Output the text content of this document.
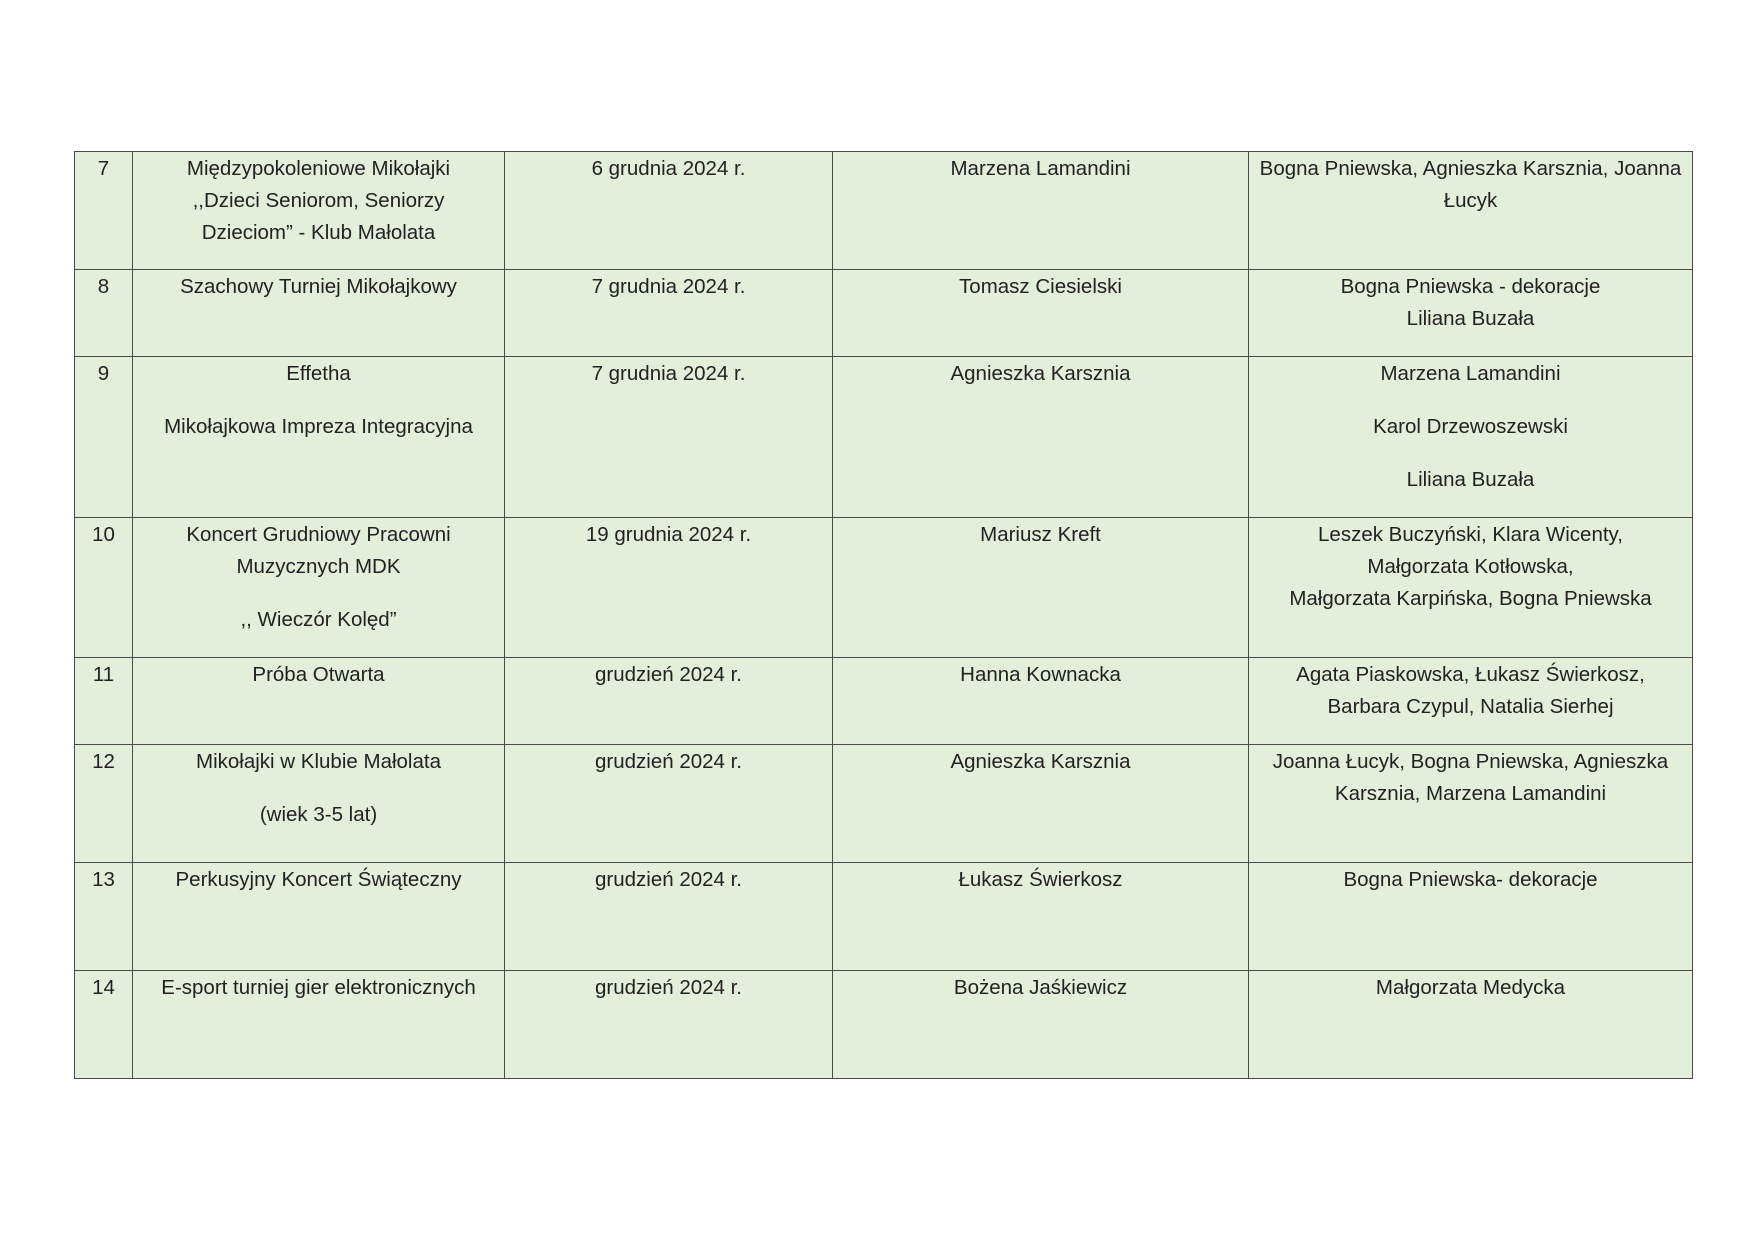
7	Międzypokoleniowe Mikołajki
,,Dzieci Seniorom, Seniorzy
Dzieciom” - Klub Małolata	6 grudnia 2024 r.	Marzena Lamandini	Bogna Pniewska, Agnieszka Karsznia, Joanna
Łucyk

8	Szachowy Turniej Mikołajkowy	7 grudnia 2024 r.	Tomasz Ciesielski	Bogna Pniewska - dekoracje
Liliana Buzała

9	Effetha
Mikołajkowa Impreza Integracyjna	7 grudnia 2024 r.	Agnieszka Karsznia	Marzena Lamandini
Karol Drzewoszewski
Liliana Buzała

10	Koncert Grudniowy Pracowni
Muzycznych MDK
,, Wieczór Kolęd”	19 grudnia 2024 r.	Mariusz Kreft	Leszek Buczyński, Klara Wicenty,
Małgorzata Kotłowska,
Małgorzata Karpińska, Bogna Pniewska

11	Próba Otwarta	grudzień 2024 r.	Hanna Kownacka	Agata Piaskowska, Łukasz Świerkosz,
Barbara Czypul, Natalia Sierhej

12	Mikołajki w Klubie Małolata
(wiek 3-5 lat)	grudzień 2024 r.	Agnieszka Karsznia	Joanna Łucyk, Bogna Pniewska, Agnieszka
Karsznia, Marzena Lamandini

13	Perkusyjny Koncert Świąteczny	grudzień 2024 r.	Łukasz Świerkosz	Bogna Pniewska- dekoracje

14	E-sport turniej gier elektronicznych	grudzień 2024 r.	Bożena Jaśkiewicz	Małgorzata Medycka
